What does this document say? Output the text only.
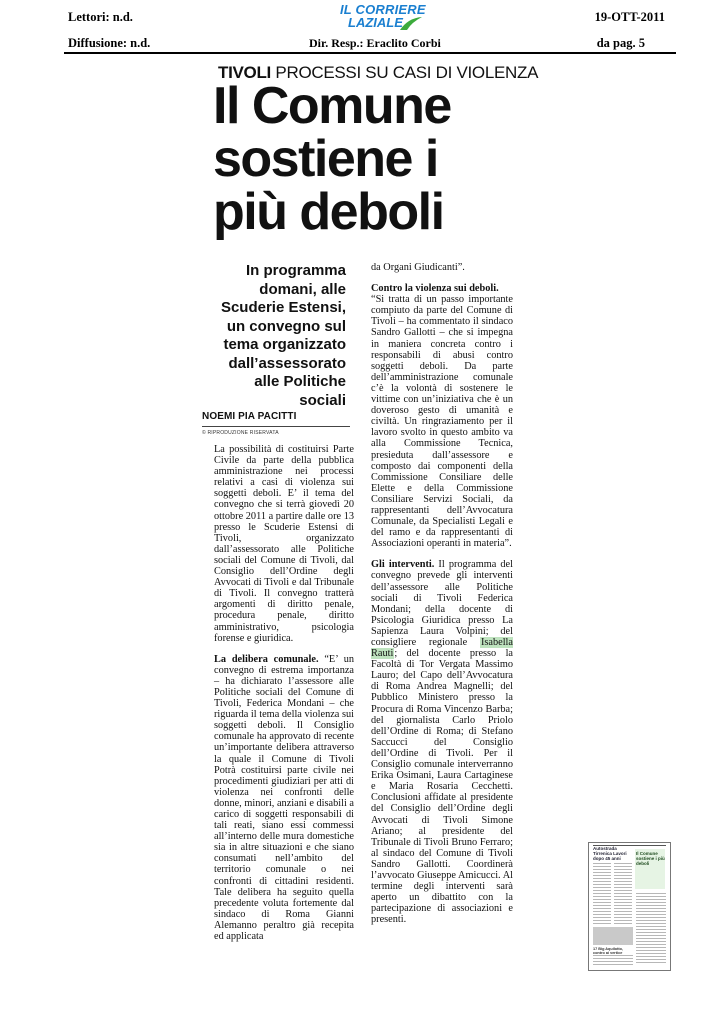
Lettori: n.d.
Diffusione: n.d.
19-OTT-2011
da pag. 5
Dir. Resp.: Eraclito Corbi
IL CORRIERE
LAZIALE
TIVOLI PROCESSI SU CASI DI VIOLENZA
Il Comune
sostiene i
più deboli
In programma
domani, alle
Scuderie Estensi,
un convegno sul
tema organizzato
dall’assessorato
alle Politiche
sociali
NOEMI PIA PACITTI
© RIPRODUZIONE RISERVATA

La possibilità di costituirsi Parte Civile da parte della pubblica amministrazione nei processi relativi a casi di violenza sui soggetti deboli. E’ il tema del convegno che si terrà giovedì 20 ottobre 2011 a partire dalle ore 13 presso le Scuderie Estensi di Tivoli, organizzato dall’assessorato alle Politiche sociali del Comune di Tivoli, dal Consiglio dell’Ordine degli Avvocati di Tivoli e dal Tribunale di Tivoli. Il convegno tratterà argomenti di diritto penale, procedura penale, diritto amministrativo, psicologia forense e giuridica.

La delibera comunale. “E’ un convegno di estrema importanza – ha dichiarato l’assessore alle Politiche sociali del Comune di Tivoli, Federica Mondani – che riguarda il tema della violenza sui soggetti deboli. Il Consiglio comunale ha approvato di recente un’importante delibera attraverso la quale il Comune di Tivoli Potrà costituirsi parte civile nei procedimenti giudiziari per atti di violenza nei confronti delle donne, minori, anziani e disabili a carico di soggetti responsabili di tali reati, siano essi commessi all’interno delle mura domestiche sia in altre situazioni e che siano consumati nell’ambito del territorio comunale o nei confronti di cittadini residenti. Tale delibera ha seguito quella precedente voluta fortemente dal sindaco di Roma Gianni Alemanno peraltro già recepita ed applicata

da Organi Giudicanti”.

Contro la violenza sui deboli.
“Si tratta di un passo importante compiuto da parte del Comune di Tivoli – ha commentato il sindaco Sandro Gallotti – che si impegna in maniera concreta contro i responsabili di abusi contro soggetti deboli. Da parte dell’amministrazione comunale c’è la volontà di sostenere le vittime con un’iniziativa che è un doveroso gesto di umanità e civiltà. Un ringraziamento per il lavoro svolto in questo ambito va alla Commissione Tecnica, presieduta dall’assessore e composto dai componenti della Commissione Consiliare delle Elette e della Commissione Consiliare Servizi Sociali, da rappresentanti dell’Avvocatura Comunale, da Specialisti Legali e del ramo e da rappresentanti di Associazioni operanti in materia”.

Gli interventi. Il programma del convegno prevede gli interventi dell’assessore alle Politiche sociali di Tivoli Federica Mondani; della docente di Psicologia Giuridica presso La Sapienza Laura Volpini; del consigliere regionale Isabella Rauti; del docente presso la Facoltà di Tor Vergata Massimo Lauro; del Capo dell’Avvocatura di Roma Andrea Magnelli; del Pubblico Ministero presso la Procura di Roma Vincenzo Barba; del giornalista Carlo Priolo dell’Ordine di Roma; di Stefano Saccucci del Consiglio dell’Ordine di Tivoli. Per il Consiglio comunale interverranno Erika Osimani, Laura Cartaginese e Maria Rosaria Cecchetti. Conclusioni affidate al presidente del Consiglio dell’Ordine degli Avvocati di Tivoli Simone Ariano; al presidente del Tribunale di Tivoli Bruno Ferraro; al sindaco del Comune di Tivoli Sandro Gallotti. Coordinerà l’avvocato Giuseppe Amicucci. Al termine degli interventi sarà aperto un dibattito con la partecipazione di associazioni e presenti.

Autostrada Tirrenica Lavori dopo 45 anni
Il Comune sostiene i più deboli
17 Big Aquilotto, contro ai vertice
